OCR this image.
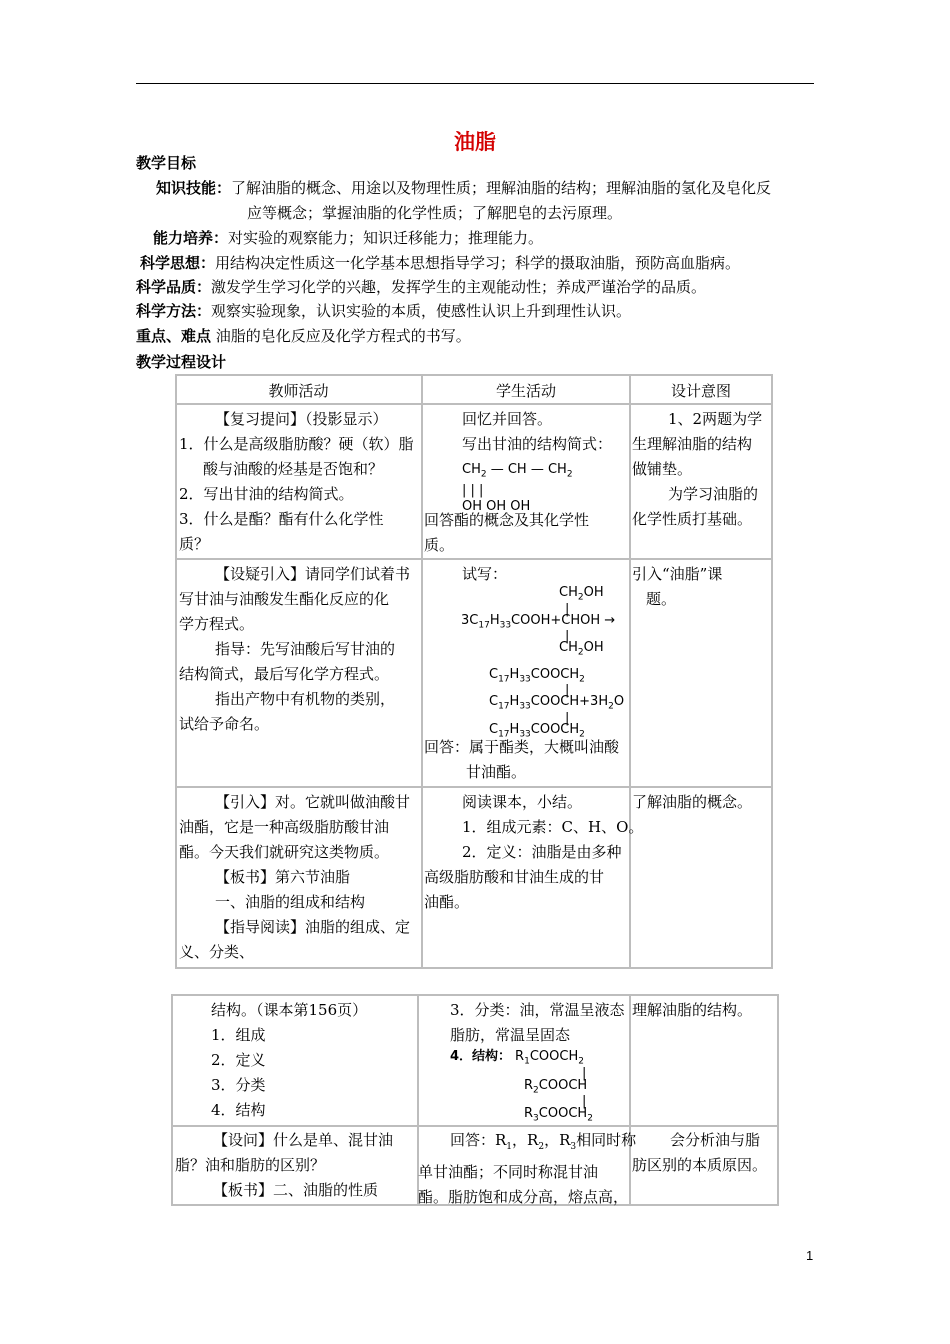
油脂
教学目标
知识技能：了解油脂的概念、用途以及物理性质；理解油脂的结构；理解油脂的氢化及皂化反
应等概念；掌握油脂的化学性质；了解肥皂的去污原理。
能力培养：对实验的观察能力；知识迁移能力；推理能力。
科学思想：用结构决定性质这一化学基本思想指导学习；科学的摄取油脂，预防高血脂病。
科学品质：激发学生学习化学的兴趣，发挥学生的主观能动性；养成严谨治学的品质。
科学方法：观察实验现象，认识实验的本质，使感性认识上升到理性认识。
重点、难点 油脂的皂化反应及化学方程式的书写。
教学过程设计
教师活动	学生活动	设计意图

【复习提问】（投影显示）

1．什么是高级脂肪酸？硬（软）脂

酸与油酸的烃基是否饱和？

2．写出甘油的结构简式。

3．什么是酯？酯有什么化学性

质？

回忆并回答。

写出甘油的结构简式：

$CH_2$ — CH — $CH_2$
| | |
OH OH OH

回答酯的概念及其化学性

质。

1、2两题为学

生理解油脂的结构

做铺垫。

为学习油脂的

化学性质打基础。

【设疑引入】请同学们试着书

写甘油与油酸发生酯化反应的化

学方程式。

指导：先写油酸后写甘油的

结构简式，最后写化学方程式。

指出产物中有机物的类别，

试给予命名。

试写：
$CH_2OH$
|
$3C_{17}H_{33}COOH+CHOH$ →
|
$CH_2OH$
$C_{17}H_{33}COOCH_2$
|
$C_{17}H_{33}COOCH+3H_2O$
|
$C_{17}H_{33}COOCH_2$

回答：属于酯类，大概叫油酸

甘油酯。

引入“油脂”课

题。

【引入】对。它就叫做油酸甘

油酯，它是一种高级脂肪酸甘油

酯。今天我们就研究这类物质。

【板书】第六节油脂

一、油脂的组成和结构

【指导阅读】油脂的组成、定

义、分类、

阅读课本，小结。

1．组成元素：C、H、O。

2．定义：油脂是由多种

高级脂肪酸和甘油生成的甘

油酯。

了解油脂的概念。

结构。（课本第156页）

1．组成

2．定义

3．分类

4．结构

3．分类：油，常温呈液态

脂肪，常温呈固态

4．结构： $R_1COOCH_2$
|
$R_2COOCH$
|
$R_3COOCH_2$

理解油脂的结构。

【设问】什么是单、混甘油

脂？油和脂肪的区别？

【板书】二、油脂的性质

回答：$R_1$，$R_2$，$R_3$相同时称

单甘油酯；不同时称混甘油

酯。脂肪饱和成分高，熔点高，

会分析油与脂

肪区别的本质原因。

1
